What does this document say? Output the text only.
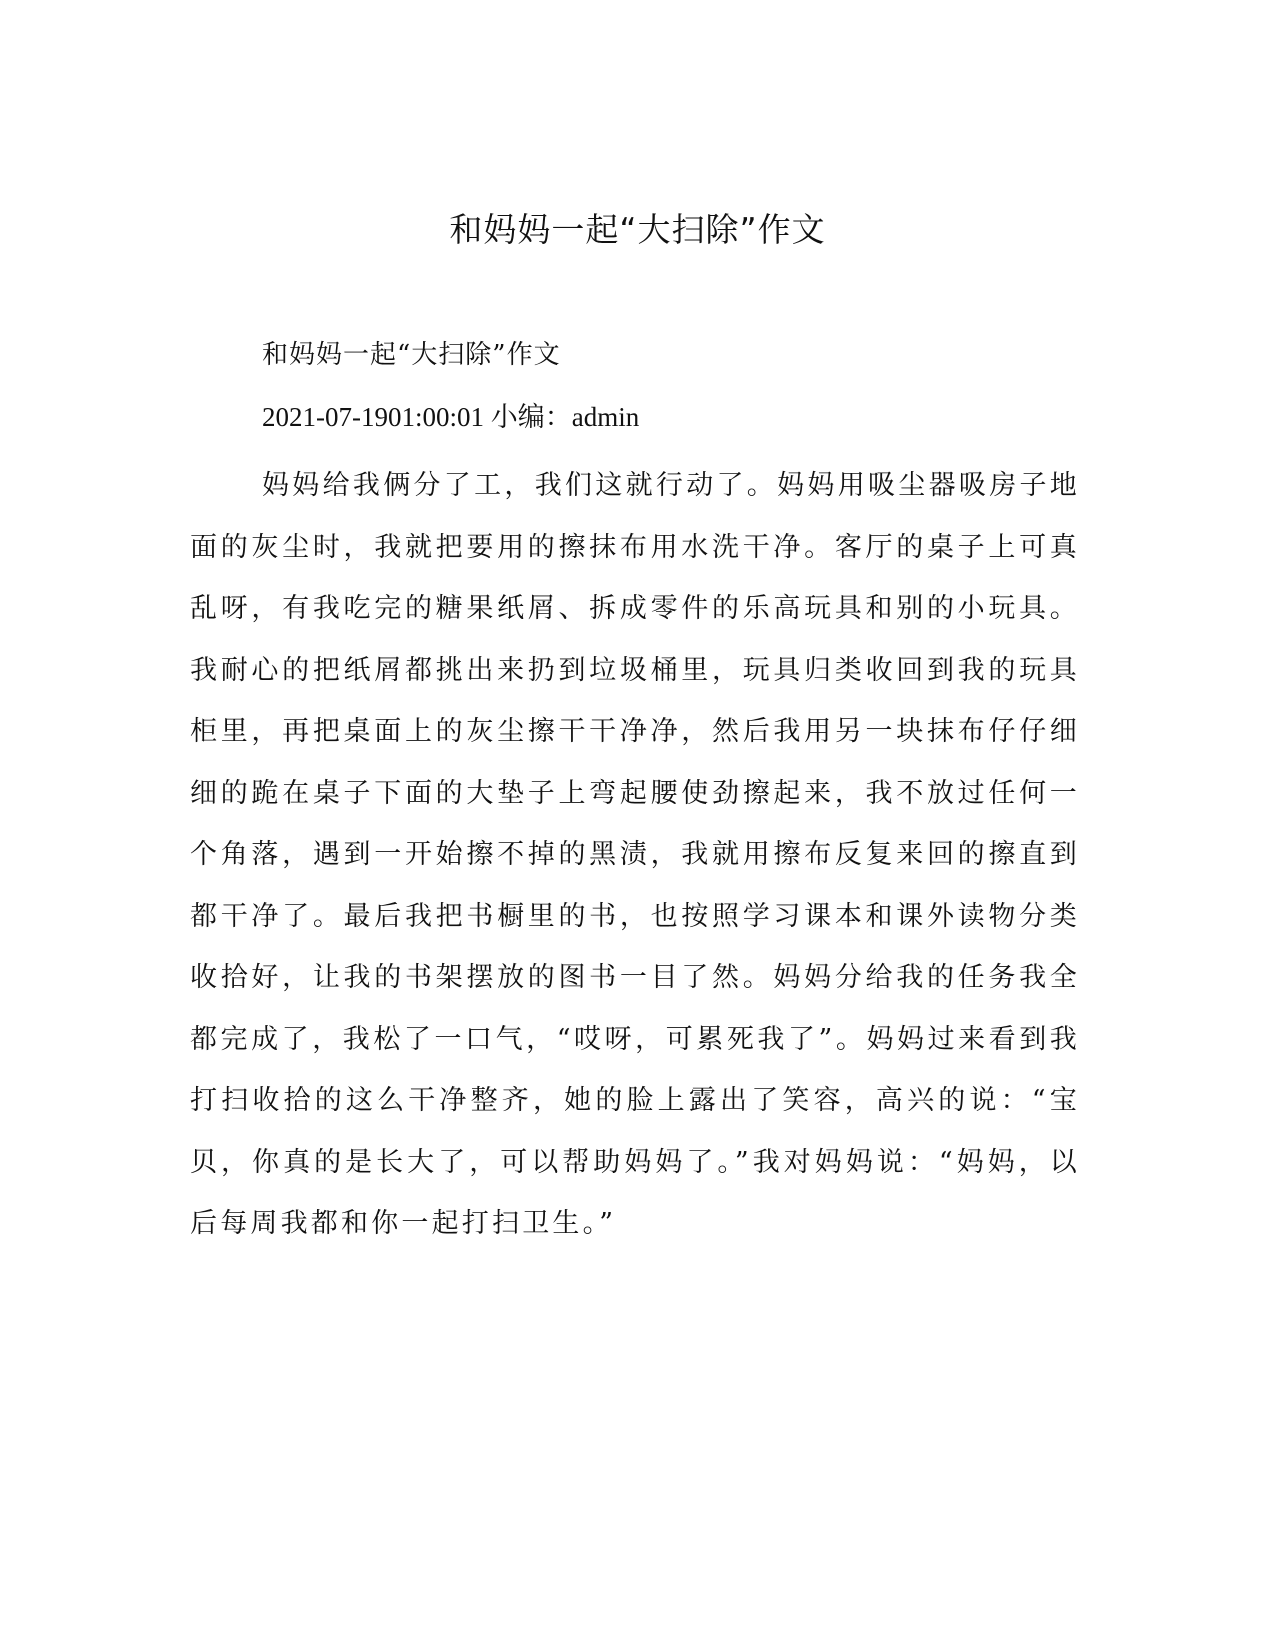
和妈妈一起“大扫除”作文

和妈妈一起“大扫除”作文

2021-07-1901:00:01 小编：admin

妈妈给我俩分了工，我们这就行动了。妈妈用吸尘器吸房子地面的灰尘时，我就把要用的擦抹布用水洗干净。客厅的桌子上可真乱呀，有我吃完的糖果纸屑、拆成零件的乐高玩具和别的小玩具。我耐心的把纸屑都挑出来扔到垃圾桶里，玩具归类收回到我的玩具柜里，再把桌面上的灰尘擦干干净净，然后我用另一块抹布仔仔细细的跪在桌子下面的大垫子上弯起腰使劲擦起来，我不放过任何一个角落，遇到一开始擦不掉的黑渍，我就用擦布反复来回的擦直到都干净了。最后我把书橱里的书，也按照学习课本和课外读物分类收拾好，让我的书架摆放的图书一目了然。妈妈分给我的任务我全都完成了，我松了一口气，“哎呀，可累死我了”。妈妈过来看到我打扫收拾的这么干净整齐，她的脸上露出了笑容，高兴的说：“宝贝，你真的是长大了，可以帮助妈妈了。”我对妈妈说：“妈妈，以后每周我都和你一起打扫卫生。”
